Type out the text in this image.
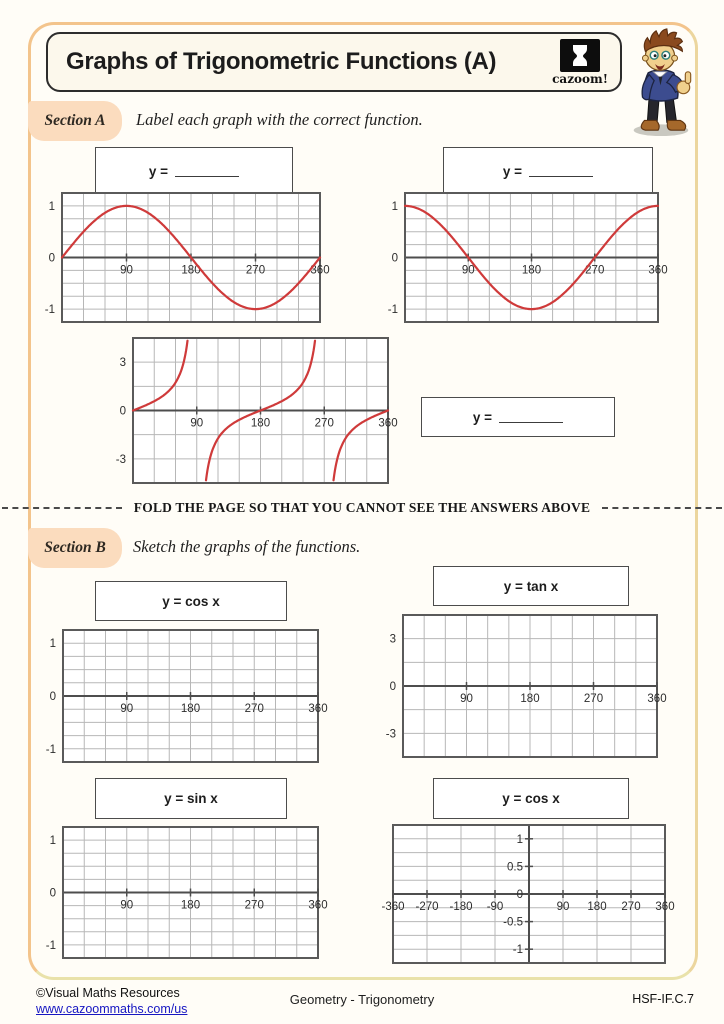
Graphs of Trigonometric Functions (A)
cazoom!
Section A Label each graph with the correct function.
y =	y =
y =
90	180	270	360
1
0
-1
90	180	270	360
1
0
-1
90	180	270	360
3
0
-3
FOLD THE PAGE SO THAT YOU CANNOT SEE THE ANSWERS ABOVE
Section B Sketch the graphs of the functions.
y = cos x
y = tan x
y = sin x	y = cos x
90	180	270	360
1
0
-1
90	180	270	360
3
0
-3
90	180	270	360
1
0
-1
-360 -270 -180 -90	90 180 270 360
1
0.5
0
-0.5
-1
©Visual Maths Resources
www.cazoommaths.com/us
Geometry - Trigonometry	HSF-IF.C.7
